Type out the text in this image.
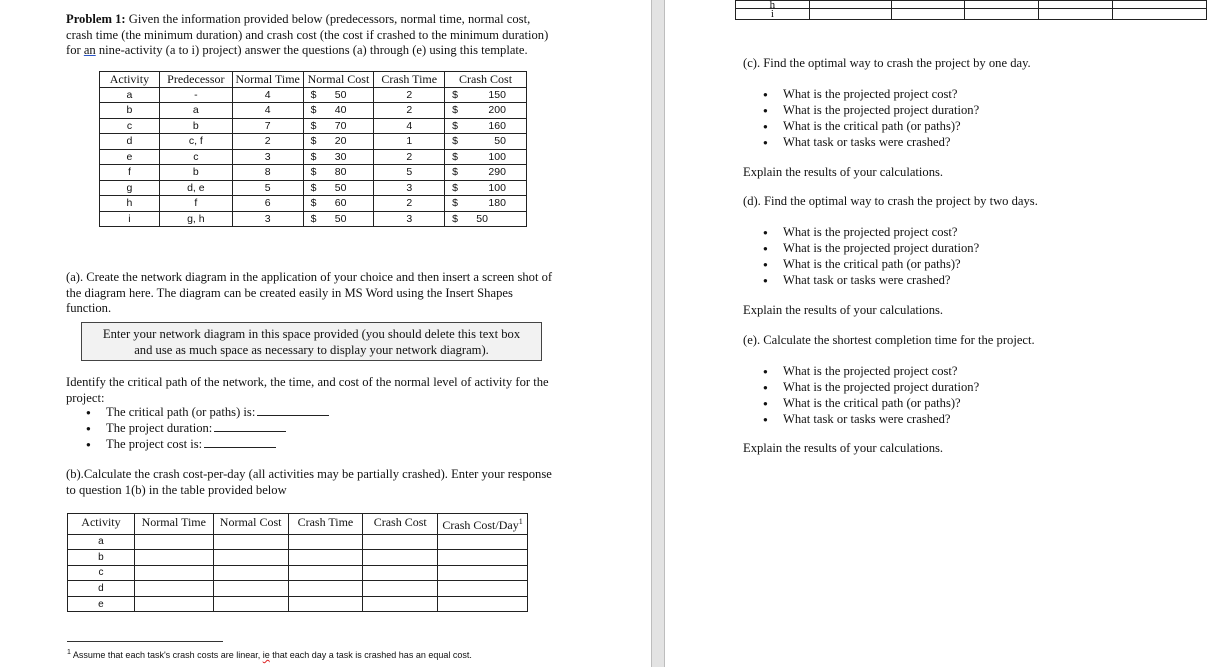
Problem 1: Given the information provided below (predecessors, normal time, normal cost,
crash time (the minimum duration) and crash cost (the cost if crashed to the minimum duration)
for an nine-activity (a to i) project) answer the questions (a) through (e) using this template.
Activity	Predecessor	Normal Time	Normal Cost	Crash Time	Crash Cost
a	-	4	$ 50	2	$ 150
b	a	4	$ 40	2	$ 200
c	b	7	$ 70	4	$ 160
d	c, f	2	$ 20	1	$ 50
e	c	3	$ 30	2	$ 100
f	b	8	$ 80	5	$ 290
g	d, e	5	$ 50	3	$ 100
h	f	6	$ 60	2	$ 180
i	g, h	3	$ 50	3	$ 50
(a). Create the network diagram in the application of your choice and then insert a screen shot of
the diagram here. The diagram can be created easily in MS Word using the Insert Shapes
function.
Enter your network diagram in this space provided (you should delete this text box
and use as much space as necessary to display your network diagram).
Identify the critical path of the network, the time, and cost of the normal level of activity for the
project:
● The critical path (or paths) is:
● The project duration:
● The project cost is:
(b).Calculate the crash cost-per-day (all activities may be partially crashed). Enter your response
to question 1(b) in the table provided below
Activity	Normal Time	Normal Cost	Crash Time	Crash Cost	Crash Cost/Day$^1$
a					
b					
c					
d					
e					
$^1$ Assume that each task's crash costs are linear, ie that each day a task is crashed has an equal cost.
h					
i					
(c). Find the optimal way to crash the project by one day.
● What is the projected project cost?
● What is the projected project duration?
● What is the critical path (or paths)?
● What task or tasks were crashed?
Explain the results of your calculations.
(d). Find the optimal way to crash the project by two days.
● What is the projected project cost?
● What is the projected project duration?
● What is the critical path (or paths)?
● What task or tasks were crashed?
Explain the results of your calculations.
(e). Calculate the shortest completion time for the project.
● What is the projected project cost?
● What is the projected project duration?
● What is the critical path (or paths)?
● What task or tasks were crashed?
Explain the results of your calculations.
